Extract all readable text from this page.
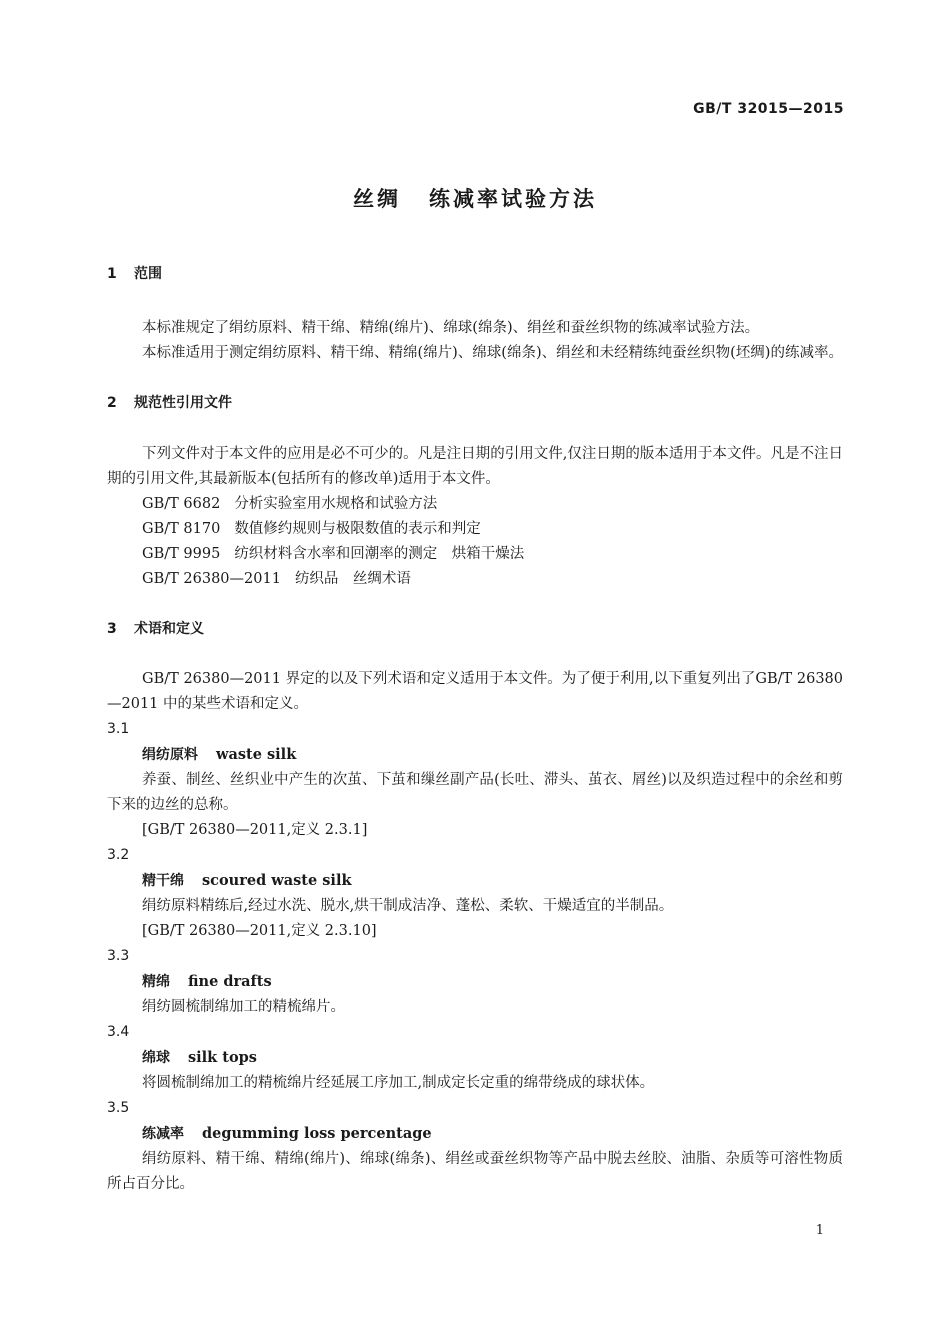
GB/T 32015—2015
丝绸 练减率试验方法
1 范围
本标准规定了绢纺原料、精干绵、精绵(绵片)、绵球(绵条)、绢丝和蚕丝织物的练减率试验方法。
本标准适用于测定绢纺原料、精干绵、精绵(绵片)、绵球(绵条)、绢丝和未经精练纯蚕丝织物(坯绸)的练减率。
2 规范性引用文件
下列文件对于本文件的应用是必不可少的。凡是注日期的引用文件,仅注日期的版本适用于本文件。凡是不注日期的引用文件,其最新版本(包括所有的修改单)适用于本文件。
GB/T 6682 分析实验室用水规格和试验方法
GB/T 8170 数值修约规则与极限数值的表示和判定
GB/T 9995 纺织材料含水率和回潮率的测定　烘箱干燥法
GB/T 26380—2011 纺织品　丝绸术语
3 术语和定义
GB/T 26380—2011 界定的以及下列术语和定义适用于本文件。为了便于利用,以下重复列出了GB/T 26380—2011 中的某些术语和定义。
3.1
绢纺原料 waste silk
养蚕、制丝、丝织业中产生的次茧、下茧和缫丝副产品(长吐、滞头、茧衣、屑丝)以及织造过程中的余丝和剪下来的边丝的总称。
[GB/T 26380—2011,定义 2.3.1]
3.2
精干绵 scoured waste silk
绢纺原料精练后,经过水洗、脱水,烘干制成洁净、蓬松、柔软、干燥适宜的半制品。
[GB/T 26380—2011,定义 2.3.10]
3.3
精绵 fine drafts
绢纺圆梳制绵加工的精梳绵片。
3.4
绵球 silk tops
将圆梳制绵加工的精梳绵片经延展工序加工,制成定长定重的绵带绕成的球状体。
3.5
练减率 degumming loss percentage
绢纺原料、精干绵、精绵(绵片)、绵球(绵条)、绢丝或蚕丝织物等产品中脱去丝胶、油脂、杂质等可溶性物质所占百分比。
1
